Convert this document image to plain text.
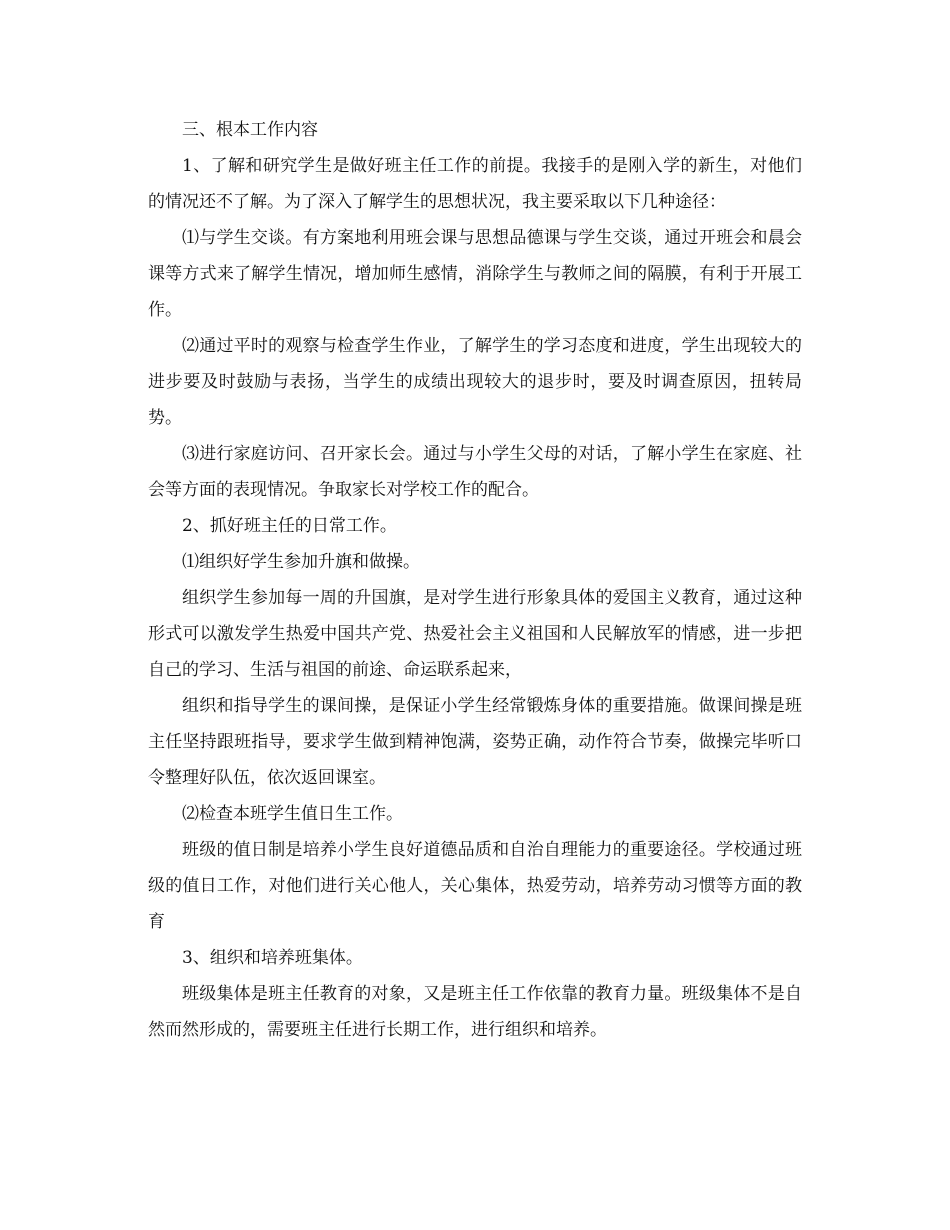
三、根本工作内容

1、了解和研究学生是做好班主任工作的前提。我接手的是刚入学的新生，对他们的情况还不了解。为了深入了解学生的思想状况，我主要采取以下几种途径：

⑴与学生交谈。有方案地利用班会课与思想品德课与学生交谈，通过开班会和晨会课等方式来了解学生情况，增加师生感情，消除学生与教师之间的隔膜，有利于开展工作。

⑵通过平时的观察与检查学生作业，了解学生的学习态度和进度，学生出现较大的进步要及时鼓励与表扬，当学生的成绩出现较大的退步时，要及时调查原因，扭转局势。

⑶进行家庭访问、召开家长会。通过与小学生父母的对话，了解小学生在家庭、社会等方面的表现情况。争取家长对学校工作的配合。

2、抓好班主任的日常工作。

⑴组织好学生参加升旗和做操。

组织学生参加每一周的升国旗，是对学生进行形象具体的爱国主义教育，通过这种形式可以激发学生热爱中国共产党、热爱社会主义祖国和人民解放军的情感，进一步把自己的学习、生活与祖国的前途、命运联系起来，

组织和指导学生的课间操，是保证小学生经常锻炼身体的重要措施。做课间操是班主任坚持跟班指导，要求学生做到精神饱满，姿势正确，动作符合节奏，做操完毕听口令整理好队伍，依次返回课室。

⑵检查本班学生值日生工作。

班级的值日制是培养小学生良好道德品质和自治自理能力的重要途径。学校通过班级的值日工作，对他们进行关心他人，关心集体，热爱劳动，培养劳动习惯等方面的教育

3、组织和培养班集体。

班级集体是班主任教育的对象，又是班主任工作依靠的教育力量。班级集体不是自然而然形成的，需要班主任进行长期工作，进行组织和培养。
